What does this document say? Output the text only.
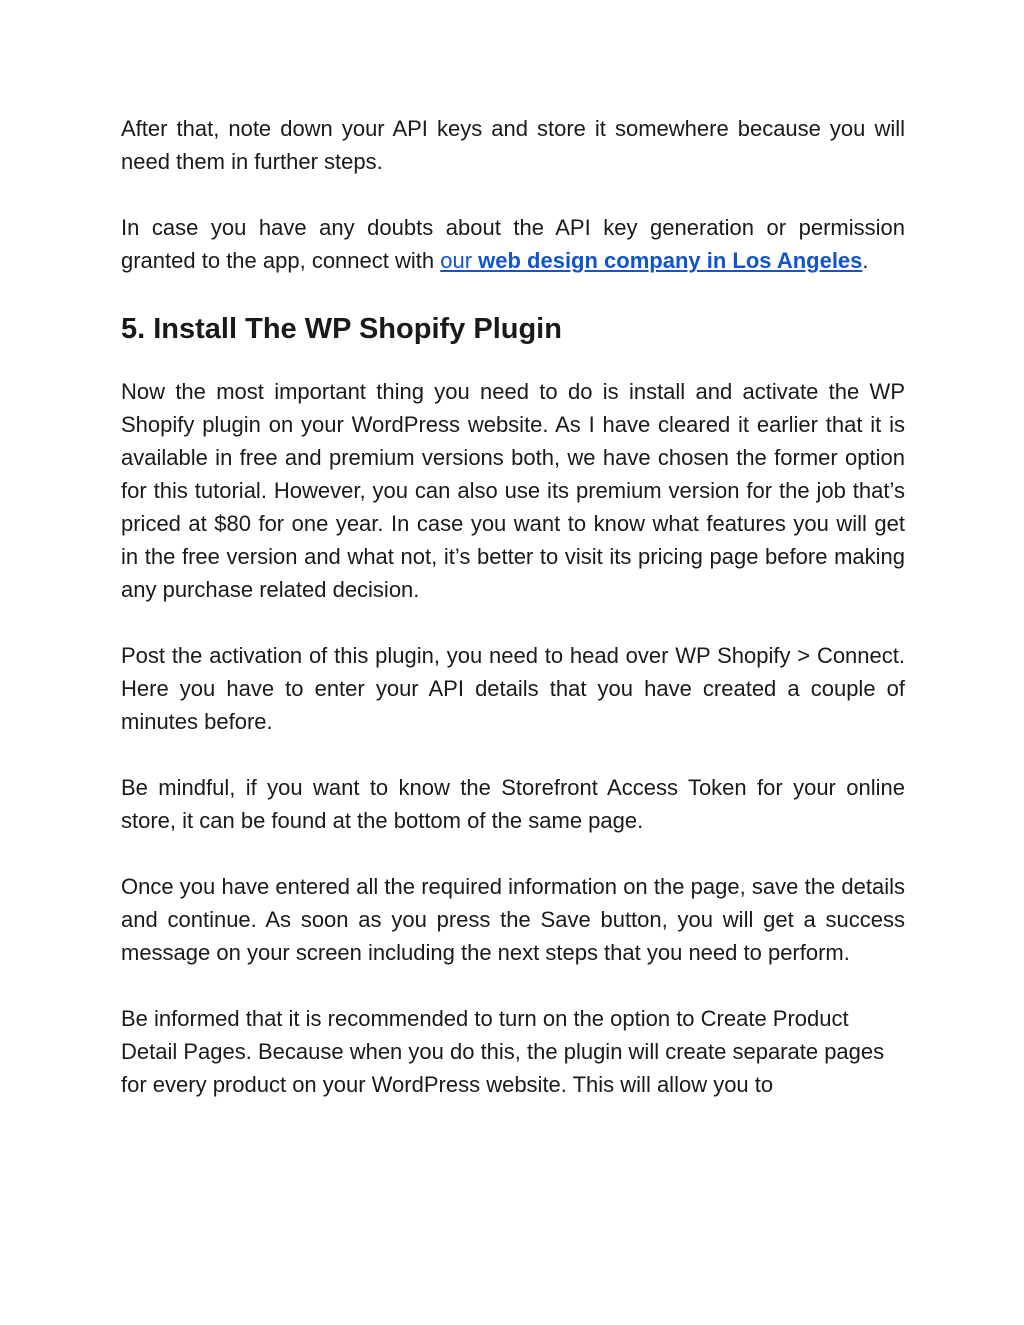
After that, note down your API keys and store it somewhere because you will need them in further steps.

In case you have any doubts about the API key generation or permission granted to the app, connect with our web design company in Los Angeles.

5. Install The WP Shopify Plugin

Now the most important thing you need to do is install and activate the WP Shopify plugin on your WordPress website. As I have cleared it earlier that it is available in free and premium versions both, we have chosen the former option for this tutorial. However, you can also use its premium version for the job that’s priced at $80 for one year. In case you want to know what features you will get in the free version and what not, it’s better to visit its pricing page before making any purchase related decision.

Post the activation of this plugin, you need to head over WP Shopify > Connect. Here you have to enter your API details that you have created a couple of minutes before.

Be mindful, if you want to know the Storefront Access Token for your online store, it can be found at the bottom of the same page.

Once you have entered all the required information on the page, save the details and continue. As soon as you press the Save button, you will get a success message on your screen including the next steps that you need to perform.

Be informed that it is recommended to turn on the option to Create Product Detail Pages. Because when you do this, the plugin will create separate pages for every product on your WordPress website. This will allow you to
